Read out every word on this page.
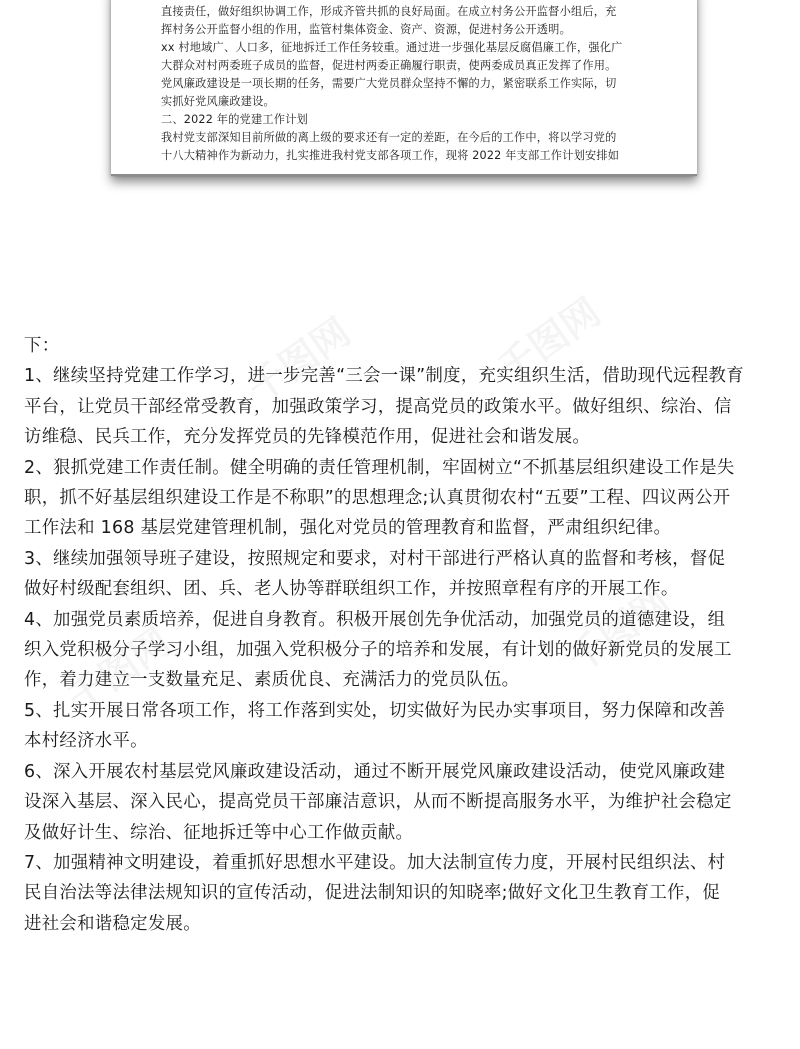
直接责任，做好组织协调工作，形成齐管共抓的良好局面。在成立村务公开监督小组后，充
挥村务公开监督小组的作用，监管村集体资金、资产、资源，促进村务公开透明。
xx 村地域广、人口多，征地拆迁工作任务较重。通过进一步强化基层反腐倡廉工作，强化广
大群众对村两委班子成员的监督，促进村两委正确履行职责，使两委成员真正发挥了作用。
党风廉政建设是一项长期的任务，需要广大党员群众坚持不懈的力，紧密联系工作实际，切
实抓好党风廉政建设。
二、2022 年的党建工作计划
我村党支部深知目前所做的离上级的要求还有一定的差距，在今后的工作中，将以学习党的
十八大精神作为新动力，扎实推进我村党支部各项工作，现将 2022 年支部工作计划安排如
下：
1、继续坚持党建工作学习，进一步完善“三会一课”制度，充实组织生活，借助现代远程教育
平台，让党员干部经常受教育，加强政策学习，提高党员的政策水平。做好组织、综治、信
访维稳、民兵工作，充分发挥党员的先锋模范作用，促进社会和谐发展。
2、狠抓党建工作责任制。健全明确的责任管理机制，牢固树立“不抓基层组织建设工作是失
职，抓不好基层组织建设工作是不称职”的思想理念;认真贯彻农村“五要”工程、四议两公开
工作法和 168 基层党建管理机制，强化对党员的管理教育和监督，严肃组织纪律。
3、继续加强领导班子建设，按照规定和要求，对村干部进行严格认真的监督和考核，督促
做好村级配套组织、团、兵、老人协等群联组织工作，并按照章程有序的开展工作。
4、加强党员素质培养，促进自身教育。积极开展创先争优活动，加强党员的道德建设，组
织入党积极分子学习小组，加强入党积极分子的培养和发展，有计划的做好新党员的发展工
作，着力建立一支数量充足、素质优良、充满活力的党员队伍。
5、扎实开展日常各项工作，将工作落到实处，切实做好为民办实事项目，努力保障和改善
本村经济水平。
6、深入开展农村基层党风廉政建设活动，通过不断开展党风廉政建设活动，使党风廉政建
设深入基层、深入民心，提高党员干部廉洁意识，从而不断提高服务水平，为维护社会稳定
及做好计生、综治、征地拆迁等中心工作做贡献。
7、加强精神文明建设，着重抓好思想水平建设。加大法制宣传力度，开展村民组织法、村
民自治法等法律法规知识的宣传活动，促进法制知识的知晓率;做好文化卫生教育工作，促
进社会和谐稳定发展。
